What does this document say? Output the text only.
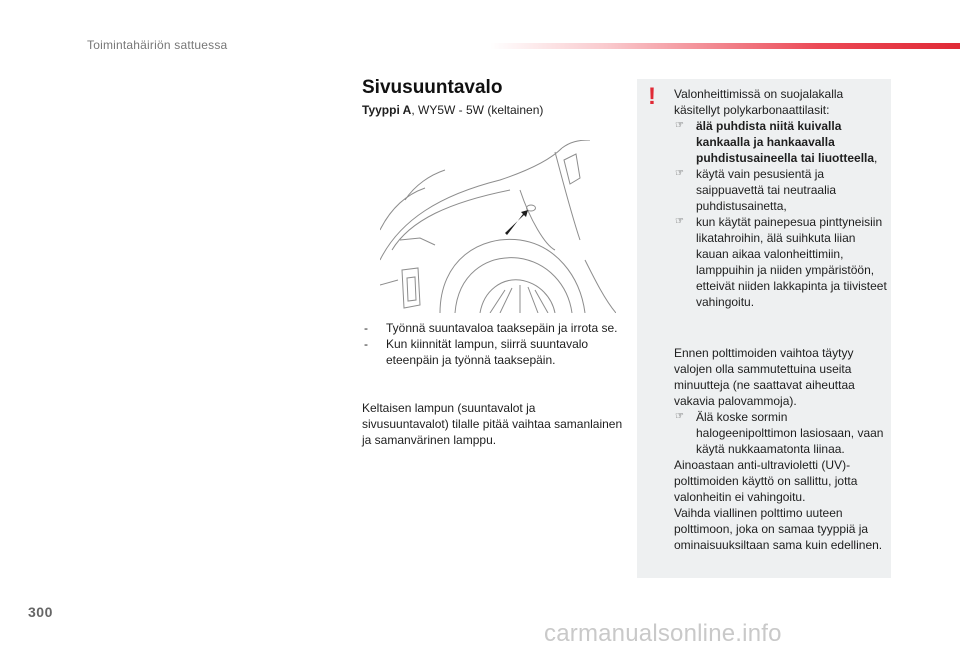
Toimintahäiriön sattuessa
Sivusuuntavalo
Tyyppi A, WY5W - 5W (keltainen)
- Työnnä suuntavaloa taaksepäin ja irrota se.
- Kun kiinnität lampun, siirrä suuntavalo eteenpäin ja työnnä taaksepäin.
Keltaisen lampun (suuntavalot ja sivusuuntavalot) tilalle pitää vaihtaa samanlainen ja samanvärinen lamppu.
! Valonheittimissä on suojalakalla käsitellyt polykarbonaattilasit:
☞ älä puhdista niitä kuivalla kankaalla ja hankaavalla puhdistusaineella tai liuotteella,
☞ käytä vain pesusientä ja saippuavettä tai neutraalia puhdistusainetta,
☞ kun käytät painepesua pinttyneisiin likatahroihin, älä suihkuta liian kauan aikaa valonheittimiin, lamppuihin ja niiden ympäristöön, etteivät niiden lakkapinta ja tiivisteet vahingoitu.
Ennen polttimoiden vaihtoa täytyy valojen olla sammutettuina useita minuutteja (ne saattavat aiheuttaa vakavia palovammoja).
☞ Älä koske sormin halogeenipolttimon lasiosaan, vaan käytä nukkaamatonta liinaa.
Ainoastaan anti-ultravioletti (UV)-polttimoiden käyttö on sallittu, jotta valonheitin ei vahingoitu.
Vaihda viallinen polttimo uuteen polttimoon, joka on samaa tyyppiä ja ominaisuuksiltaan sama kuin edellinen.
300
carmanualsonline.info
